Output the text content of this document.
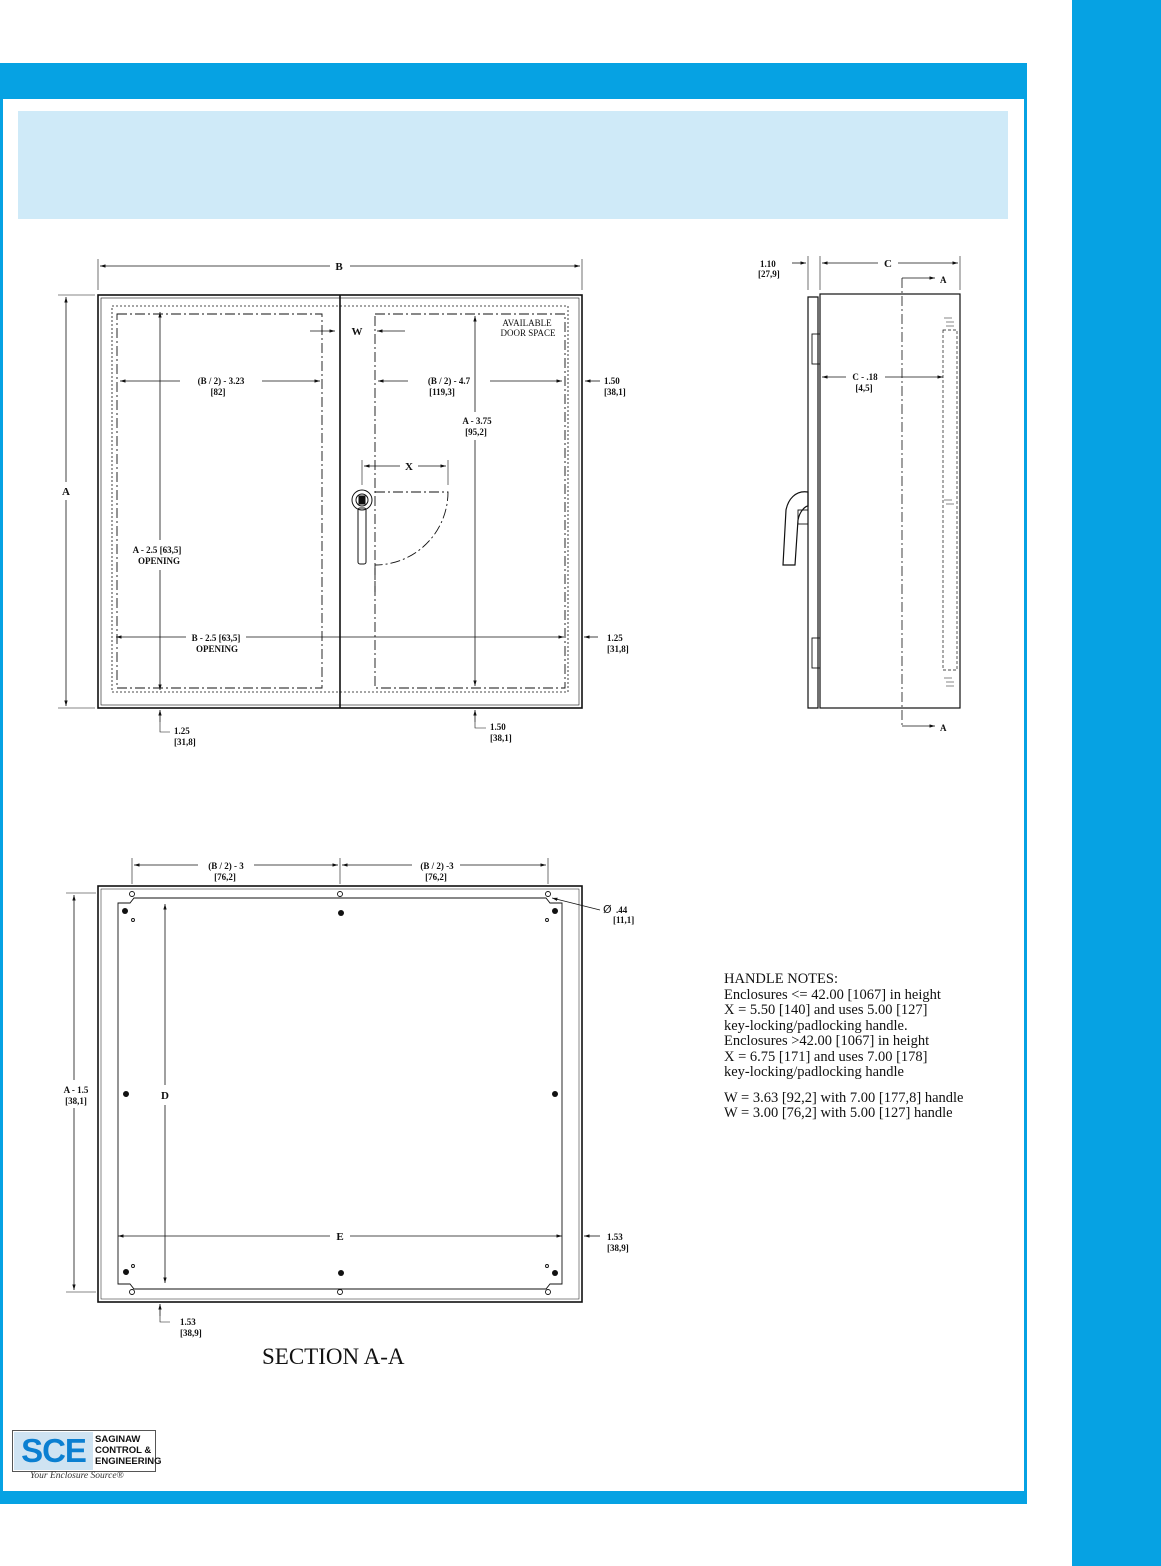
B
A
W
X
AVAILABLE
DOOR SPACE
(B / 2) - 3.23
[82]
(B / 2) - 4.7
[119,3]
1.50
[38,1]
A - 3.75
[95,2]
A - 2.5 [63,5]
OPENING
B - 2.5 [63,5]
OPENING
1.25
[31,8]
1.25
[31,8]
1.50
[38,1]
1.10
[27,9]
C
A
A
C - .18
[4,5]
(B / 2) - 3
[76,2]
(B / 2) -3
[76,2]
Ø .44
[11,1]
A - 1.5
[38,1]	D
E	1.53
[38,9]
1.53
[38,9]
SECTION A-A
HANDLE NOTES:
Enclosures <= 42.00 [1067] in height
X = 5.50 [140] and uses 5.00 [127]
key-locking/padlocking handle.
Enclosures >42.00 [1067] in height
X = 6.75 [171] and uses 7.00 [178]
key-locking/padlocking handle
W = 3.63 [92,2] with 7.00 [177,8] handle
W = 3.00 [76,2] with 5.00 [127] handle
SCE SAGINAW
CONTROL &
ENGINEERING
Your Enclosure Source®
